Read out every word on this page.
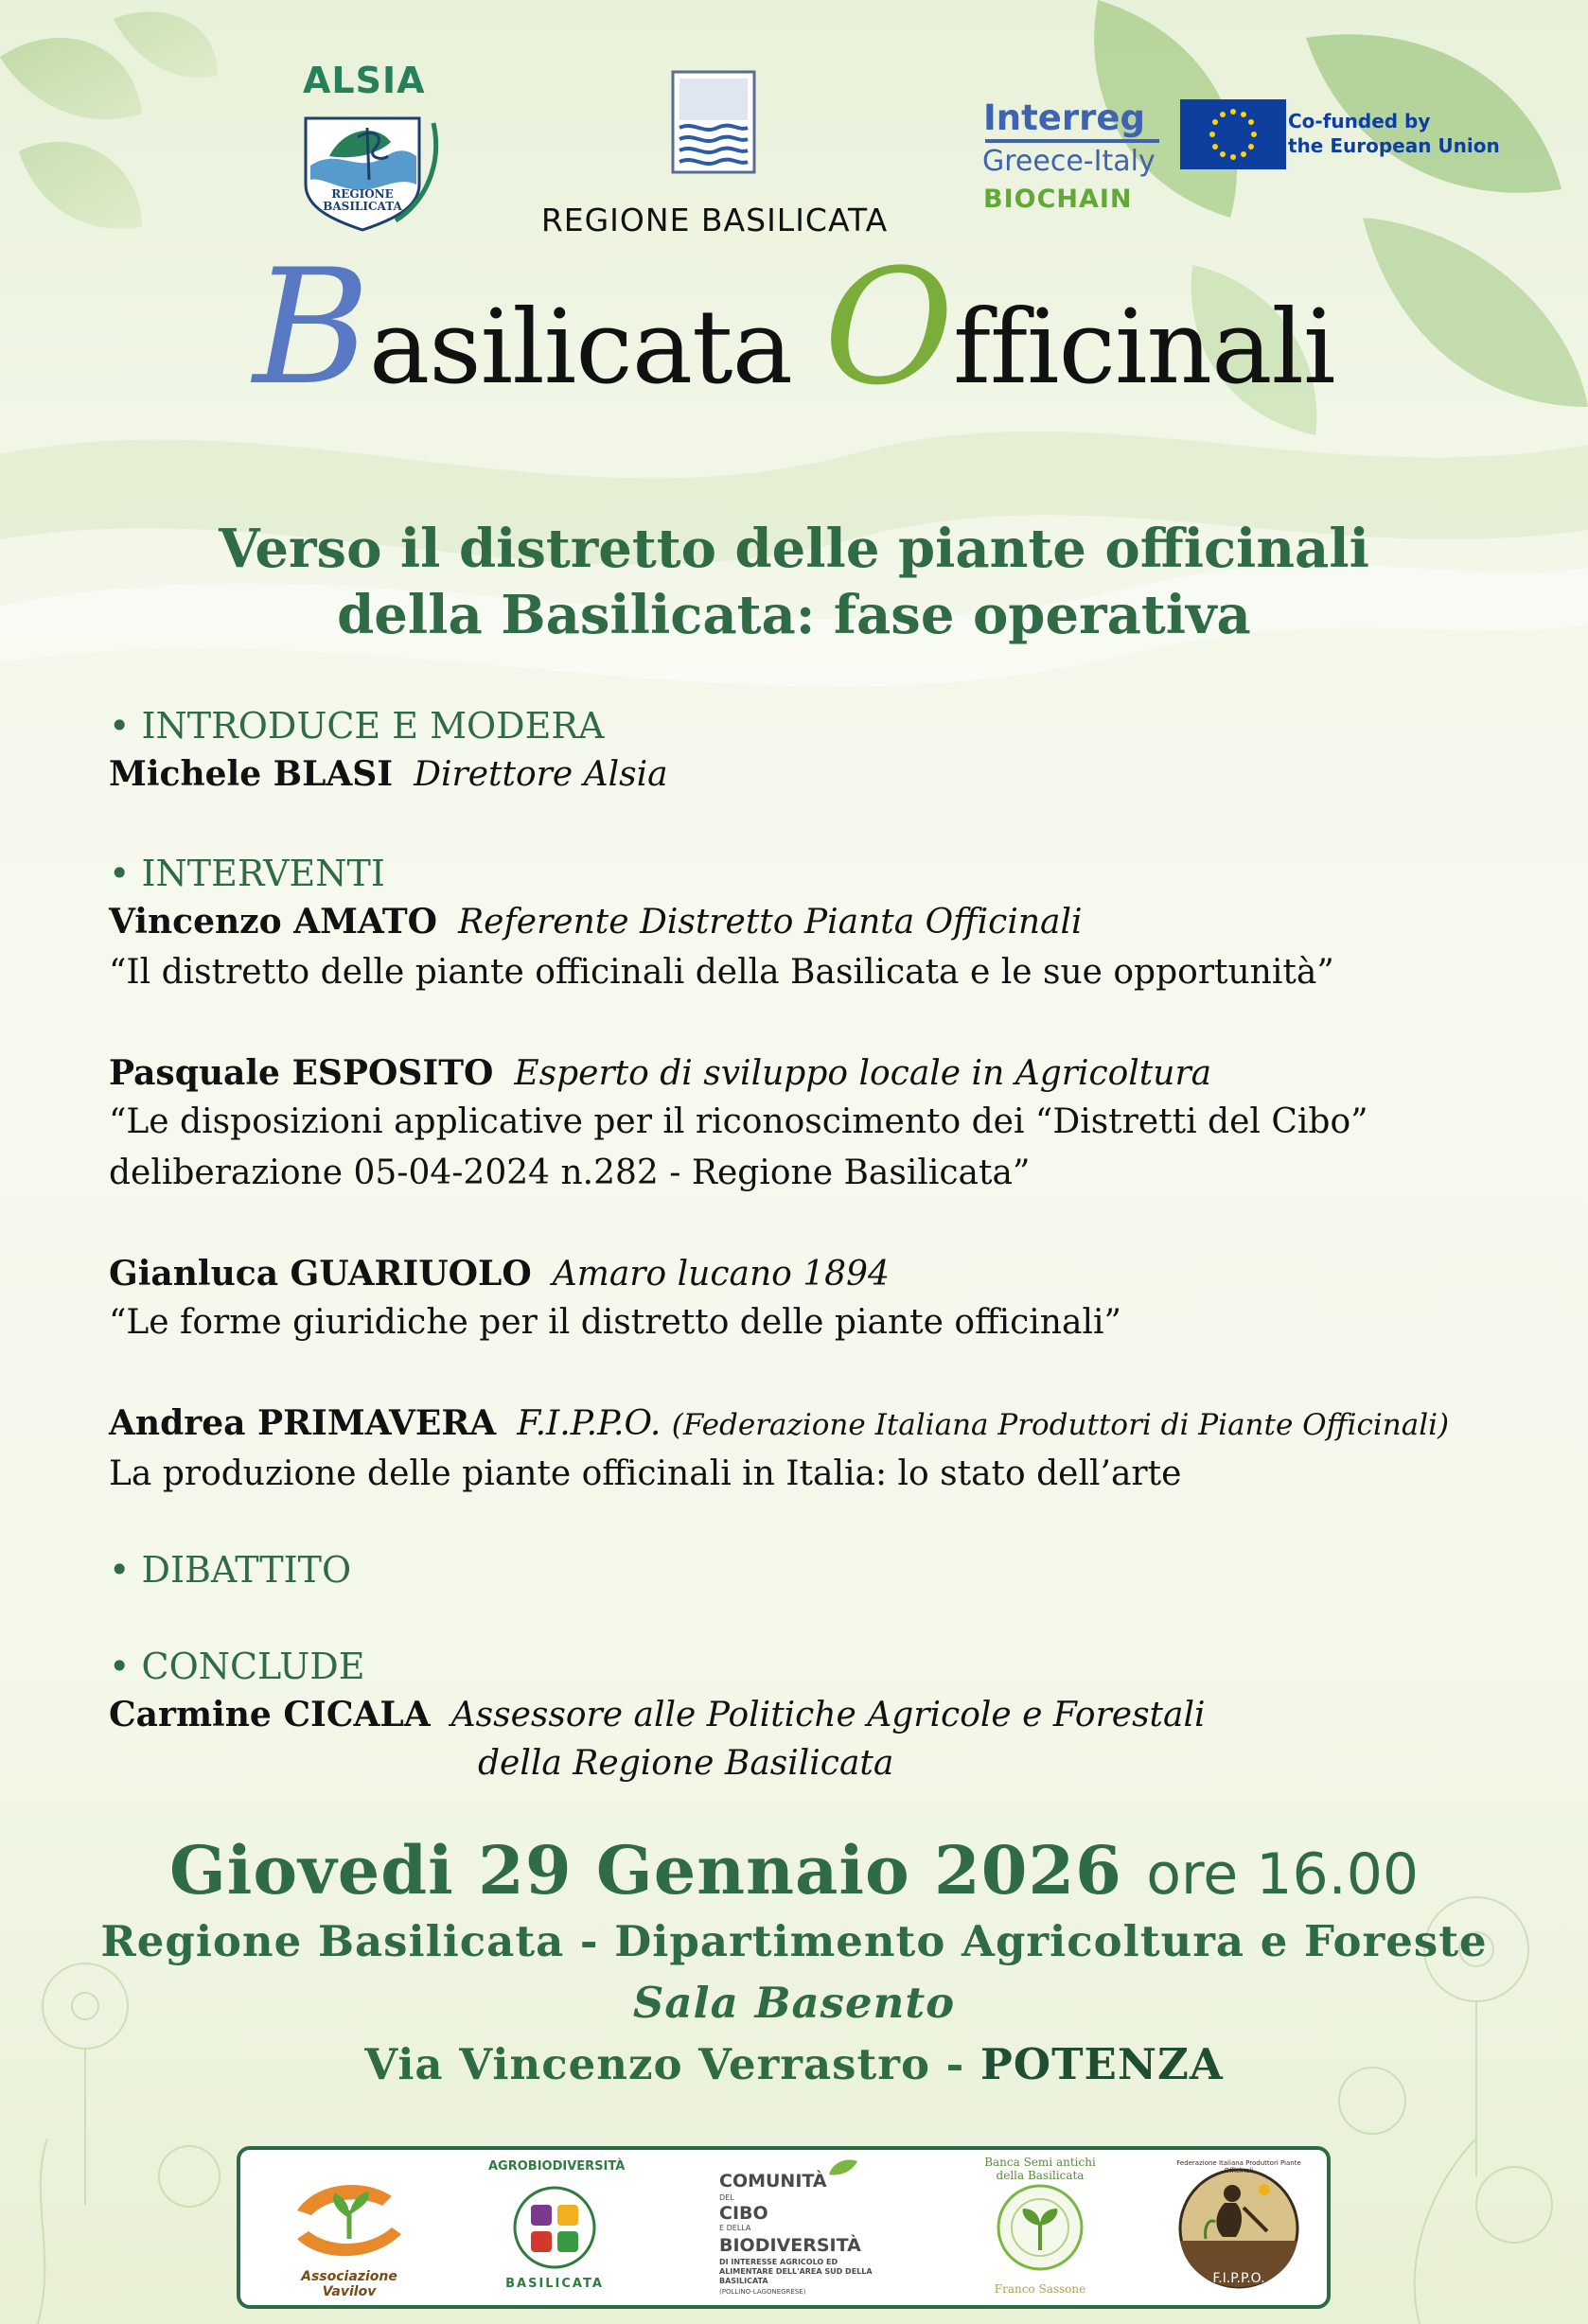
ALSIA
REGIONE BASILICATA	REGIONE BASILICATA
Interreg
Greece-Italy
BIOCHAIN
Co-funded by
the European Union
Basilicata Officinali
Verso il distretto delle piante officinali
della Basilicata: fase operativa
• INTRODUCE E MODERA
Michele BLASI Direttore Alsia
• INTERVENTI
Vincenzo AMATO Referente Distretto Pianta Officinali
“Il distretto delle piante officinali della Basilicata e le sue opportunità”
Pasquale ESPOSITO Esperto di sviluppo locale in Agricoltura
“Le disposizioni applicative per il riconoscimento dei “Distretti del Cibo”
deliberazione 05-04-2024 n.282 - Regione Basilicata”
Gianluca GUARIUOLO Amaro lucano 1894
“Le forme giuridiche per il distretto delle piante officinali”
Andrea PRIMAVERA F.I.P.P.O. (Federazione Italiana Produttori di Piante Officinali)
La produzione delle piante officinali in Italia: lo stato dell’arte
• DIBATTITO
• CONCLUDE
Carmine CICALA Assessore alle Politiche Agricole e Forestali
della Regione Basilicata
Giovedi 29 Gennaio 2026 ore 16.00
Regione Basilicata - Dipartimento Agricoltura e Foreste
Sala Basento
Via Vincenzo Verrastro - POTENZA
Associazione Vavilov
AGROBIODIVERSITÀ
BASILICATA
COMUNITÀ
DEL
CIBO
E DELLA
BIODIVERSITÀ
DI INTERESSE AGRICOLO ED ALIMENTARE DELL'AREA SUD DELLA BASILICATA
(POLLINO-LAGONEGRESE)
Banca Semi antichi della Basilicata
Franco Sassone
Federazione Italiana Produttori Piante Officinali
F.I.P.P.O.
